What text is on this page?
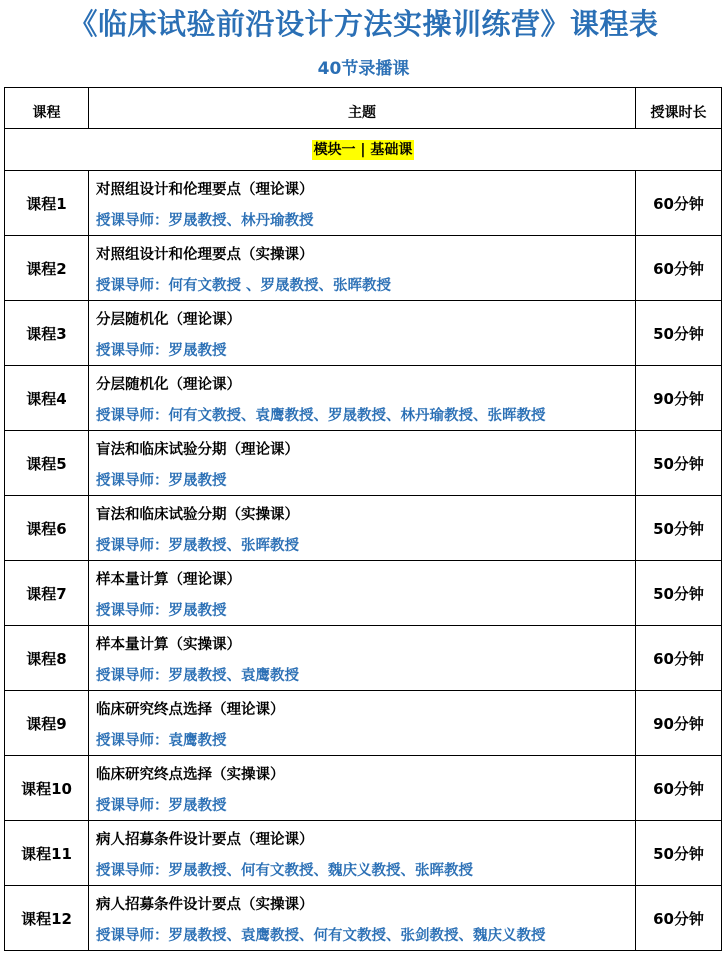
《临床试验前沿设计方法实操训练营》课程表
40节录播课
课程	主题	授课时长
模块一 | 基础课		
课程1	对照组设计和伦理要点（理论课）
授课导师：罗晟教授、林丹瑜教授	60分钟
课程2	对照组设计和伦理要点（实操课）
授课导师：何有文教授 、罗晟教授、张晖教授	60分钟
课程3	分层随机化（理论课）
授课导师：罗晟教授	50分钟
课程4	分层随机化（理论课）
授课导师：何有文教授、袁鹰教授、罗晟教授、林丹瑜教授、张晖教授	90分钟
课程5	盲法和临床试验分期（理论课）
授课导师：罗晟教授	50分钟
课程6	盲法和临床试验分期（实操课）
授课导师：罗晟教授、张晖教授	50分钟
课程7	样本量计算（理论课）
授课导师：罗晟教授	50分钟
课程8	样本量计算（实操课）
授课导师：罗晟教授、袁鹰教授	60分钟
课程9	临床研究终点选择（理论课）
授课导师：袁鹰教授	90分钟
课程10	临床研究终点选择（实操课）
授课导师：罗晟教授	60分钟
课程11	病人招募条件设计要点（理论课）
授课导师：罗晟教授、何有文教授、魏庆义教授、张晖教授	50分钟
课程12	病人招募条件设计要点（实操课）
授课导师：罗晟教授、袁鹰教授、何有文教授、张剑教授、魏庆义教授	60分钟
